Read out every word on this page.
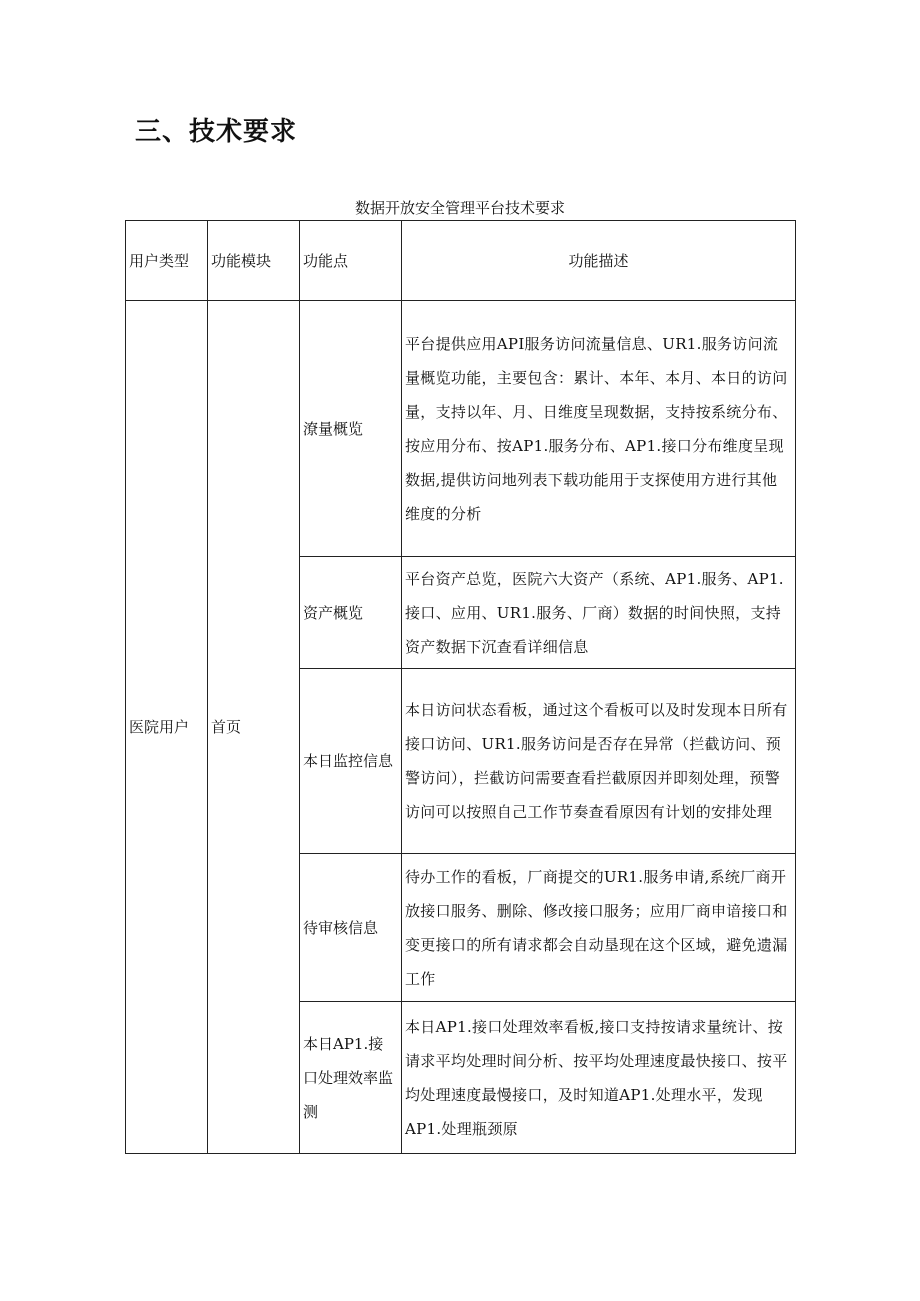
三、技术要求
数据开放安全管理平台技术要求
用户类型	功能模块	功能点	功能描述
医院用户	首页	潦量概览	平台提供应用API服务访问流量信息、UR1.服务访问流量概览功能，主要包含：累计、本年、本月、本日的访问量，支持以年、月、日维度呈现数据，支持按系统分布、按应用分布、按AP1.服务分布、AP1.接口分布维度呈现数据,提供访问地列表下载功能用于支探使用方进行其他维度的分析
		资产概览	平台资产总览，医院六大资产（系统、AP1.服务、AP1.接口、应用、UR1.服务、厂商）数据的时间快照，支持资产数据下沉查看详细信息
		本日监控信息	本日访问状态看板，通过这个看板可以及时发现本日所有接口访问、UR1.服务访问是否存在异常（拦截访问、预警访问），拦截访问需要查看拦截原因并即刻处理，预警访问可以按照自己工作节奏查看原因有计划的安排处理
		待审核信息	待办工作的看板，厂商提交的UR1.服务申请,系统厂商开放接口服务、删除、修改接口服务；应用厂商申谙接口和变更接口的所有请求都会自动垦现在这个区域，避免遗漏工作
		本日AP1.接口处理效率监测	本日AP1.接口处理效率看板,接口支持按请求量统计、按请求平均处理时间分析、按平均处理速度最快接口、按平均处理速度最慢接口，及时知道AP1.处理水平，发现AP1.处理瓶颈原
